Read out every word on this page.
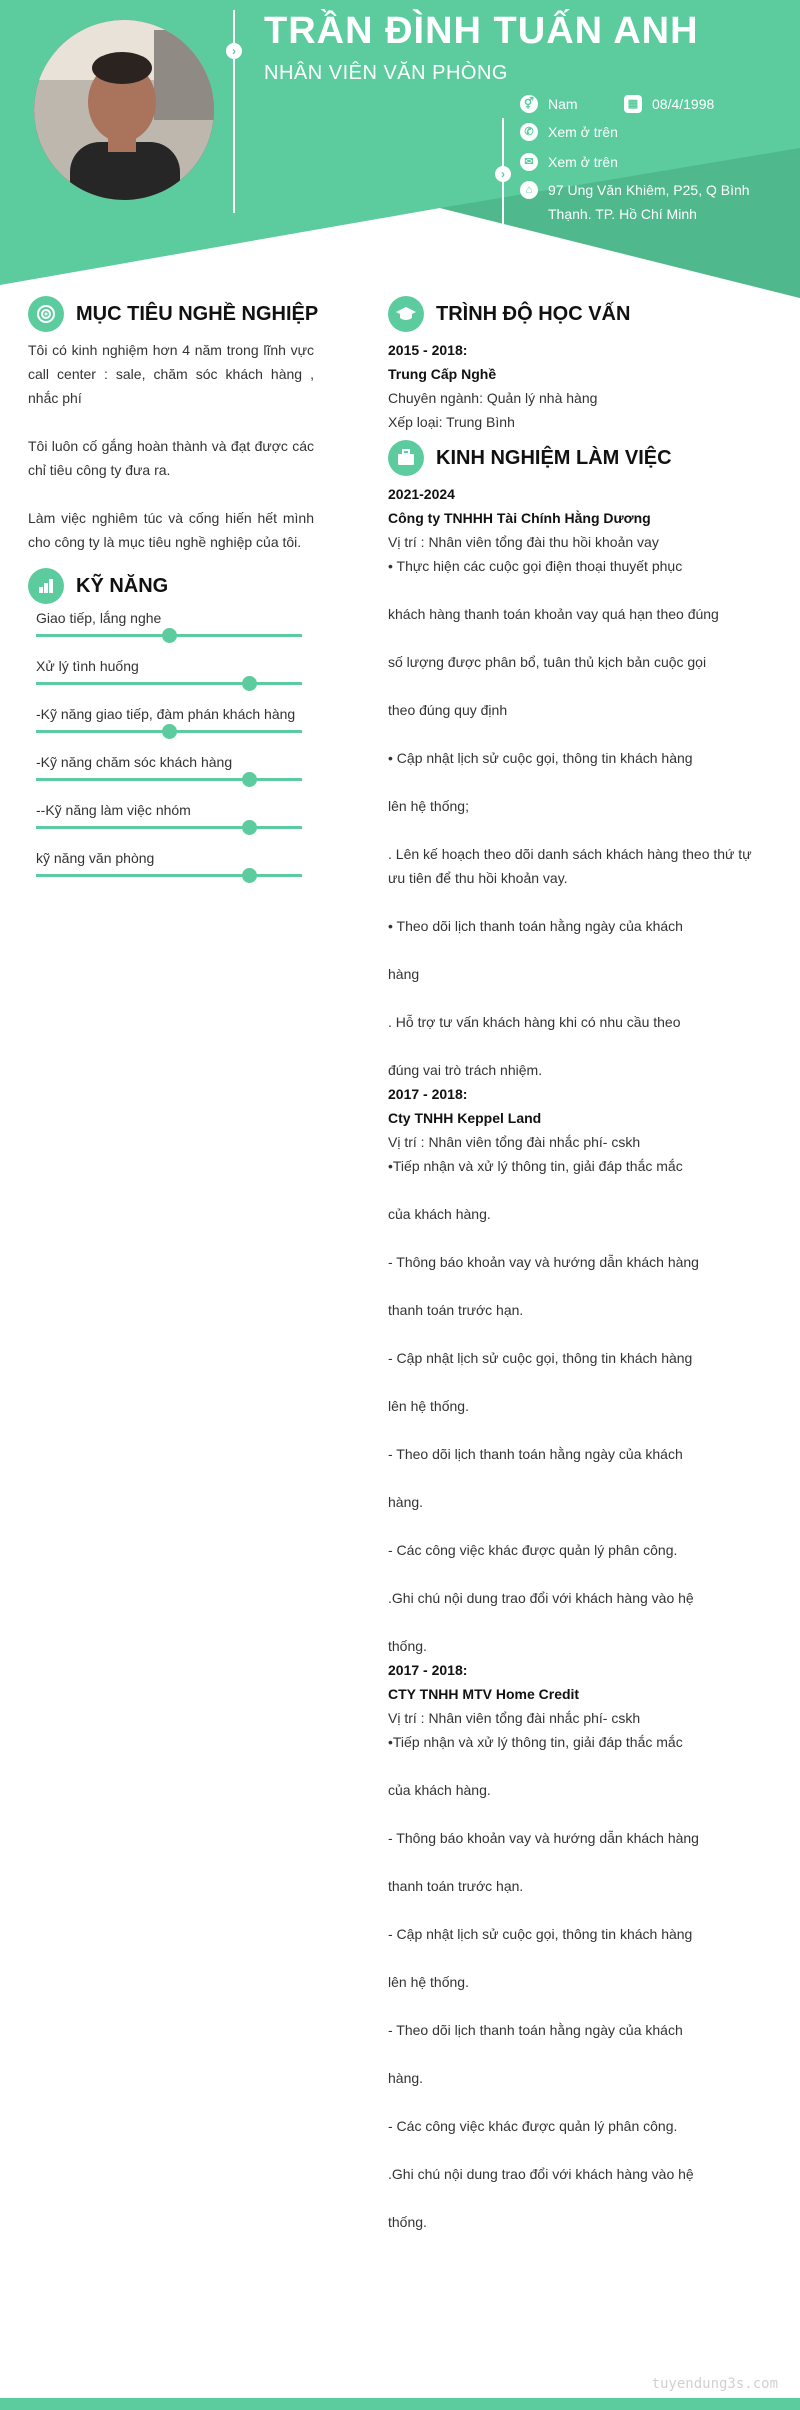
› TRẦN ĐÌNH TUẤN ANH
NHÂN VIÊN VĂN PHÒNG
›
⚥ Nam	▦ 08/4/1998
✆	Xem ở trên
✉	Xem ở trên
⌂	97 Ung Văn Khiêm, P25, Q Bình Thạnh. TP. Hồ Chí Minh
MỤC TIÊU NGHỀ NGHIỆP
Tôi có kinh nghiệm hơn 4 năm trong lĩnh vực call center : sale, chăm sóc khách hàng , nhắc phí
Tôi luôn cố gắng hoàn thành và đạt được các chỉ tiêu công ty đưa ra.
Làm việc nghiêm túc và cống hiến hết mình cho công ty là mục tiêu nghề nghiệp của tôi.
KỸ NĂNG
Giao tiếp, lắng nghe
Xử lý tình huống
-Kỹ năng giao tiếp, đàm phán khách hàng
-Kỹ năng chăm sóc khách hàng
--Kỹ năng làm việc nhóm
kỹ năng văn phòng
TRÌNH ĐỘ HỌC VẤN
2015 - 2018:
Trung Cấp Nghề
Chuyên ngành: Quản lý nhà hàng
Xếp loại: Trung Bình
KINH NGHIỆM LÀM VIỆC
2021-2024
Công ty TNHHH Tài Chính Hằng Dương
Vị trí : Nhân viên tổng đài thu hồi khoản vay
• Thực hiện các cuộc gọi điện thoại thuyết phục
khách hàng thanh toán khoản vay quá hạn theo đúng
số lượng được phân bổ, tuân thủ kịch bản cuộc gọi
theo đúng quy định
• Cập nhật lịch sử cuộc gọi, thông tin khách hàng
lên hệ thống;
. Lên kế hoạch theo dõi danh sách khách hàng theo thứ tự
ưu tiên để thu hồi khoản vay.
• Theo dõi lịch thanh toán hằng ngày của khách
hàng
. Hỗ trợ tư vấn khách hàng khi có nhu cầu theo
đúng vai trò trách nhiệm.
2017 - 2018:
Cty TNHH Keppel Land
Vị trí : Nhân viên tổng đài nhắc phí- cskh
•Tiếp nhận và xử lý thông tin, giải đáp thắc mắc
của khách hàng.
- Thông báo khoản vay và hướng dẫn khách hàng
thanh toán trước hạn.
- Cập nhật lịch sử cuộc gọi, thông tin khách hàng
lên hệ thống.
- Theo dõi lịch thanh toán hằng ngày của khách
hàng.
- Các công việc khác được quản lý phân công.
.Ghi chú nội dung trao đổi với khách hàng vào hệ
thống.
2017 - 2018:
CTY TNHH MTV Home Credit
Vị trí : Nhân viên tổng đài nhắc phí- cskh
•Tiếp nhận và xử lý thông tin, giải đáp thắc mắc
của khách hàng.
- Thông báo khoản vay và hướng dẫn khách hàng
thanh toán trước hạn.
- Cập nhật lịch sử cuộc gọi, thông tin khách hàng
lên hệ thống.
- Theo dõi lịch thanh toán hằng ngày của khách
hàng.
- Các công việc khác được quản lý phân công.
.Ghi chú nội dung trao đổi với khách hàng vào hệ
thống.
tuyendung3s.com
